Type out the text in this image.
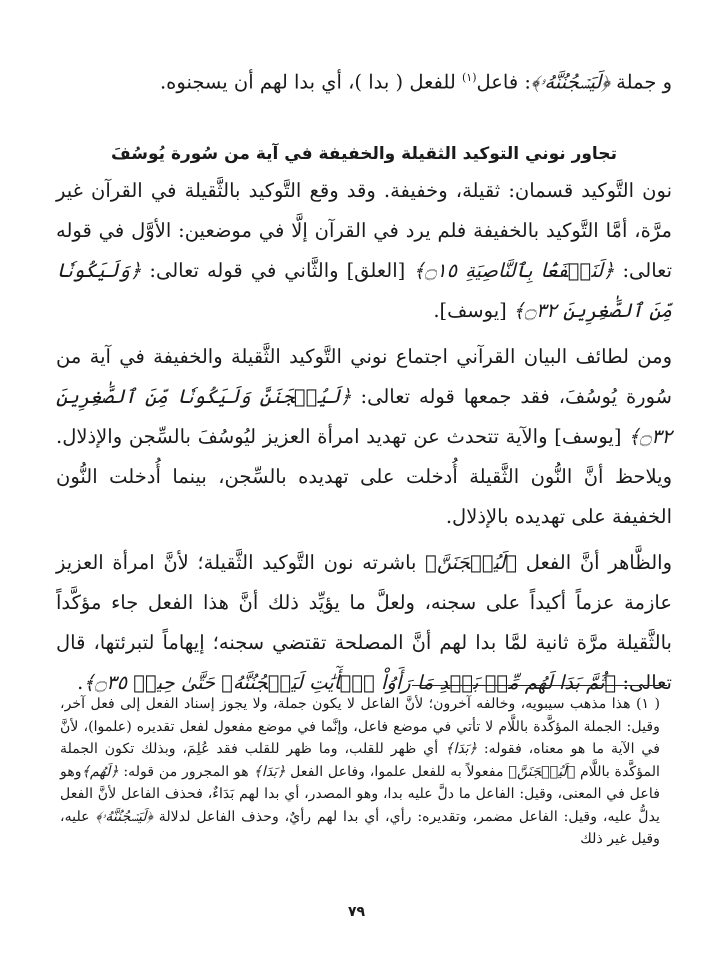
و جملة ﴿لَيَسۡجُنُنَّهُۥ﴾: فاعل$^{(١)}$ للفعل ( بدا )، أي بدا لهم أن يسجنوه.

تجاور نوني التوكيد الثقيلة والخفيفة في آية من سُورة يُوسُفَ

نون التَّوكيد قسمان: ثقيلة، وخفيفة. وقد وقع التَّوكيد بالثَّقيلة في القرآن غير مرَّة، أمَّا التَّوكيد بالخفيفة فلم يرد في القرآن إلَّا في موضعين: الأوَّل في قوله تعالى: ﴿لَنَسۡفَعَۢا بِٱلنَّاصِيَةِ ۝١٥﴾ [العلق] والثَّاني في قوله تعالى: ﴿وَلَيَكُونٗا مِّنَ ٱلصَّٰغِرِينَ ۝٣٢﴾ [يوسف].

ومن لطائف البيان القرآني اجتماع نوني التَّوكيد الثَّقيلة والخفيفة في آية من سُورة يُوسُفَ، فقد جمعها قوله تعالى: ﴿لَيُسۡجَنَنَّ وَلَيَكُونٗا مِّنَ ٱلصَّٰغِرِينَ ۝٣٢﴾ [يوسف] والآية تتحدث عن تهديد امرأة العزيز ليُوسُفَ بالسِّجن والإذلال. ويلاحظ أنَّ النُّون الثَّقيلة أُدخلت على تهديده بالسِّجن، بينما أُدخلت النُّون الخفيفة على تهديده بالإذلال.

والظَّاهر أنَّ الفعل ﴿لَيُسۡجَنَنَّ﴾ باشرته نون التَّوكيد الثَّقيلة؛ لأنَّ امرأة العزيز عازمة عزماً أكيداً على سجنه، ولعلَّ ما يؤيِّد ذلك أنَّ هذا الفعل جاء مؤكَّداً بالثَّقيلة مرَّة ثانية لمَّا بدا لهم أنَّ المصلحة تقتضي سجنه؛ إيهاماً لتبرئتها، قال تعالى: ﴿ثُمَّ بَدَا لَهُم مِّنۢ بَعۡدِ مَا رَأَوُاْ ٱلۡأٓيَٰتِ لَيَسۡجُنُنَّهُۥ حَتَّىٰ حِينٖ ۝٣٥﴾.

( ١) هذا مذهب سيبويه، وخالفه آخرون؛ لأنَّ الفاعل لا يكون جملة، ولا يجوز إسناد الفعل إلى فعل آخر، وقيل: الجملة المؤكَّدة باللَّام لا تأتي في موضع فاعل، وإنَّما في موضع مفعول لفعل تقديره (علموا)، لأنَّ في الآية ما هو معناه، فقوله: ﴿بَدَا﴾ أي ظهر للقلب، وما ظهر للقلب فقد عُلِمَ، وبذلك تكون الجملة المؤكَّدة باللَّام ﴿لَيُسۡجَنَنَّ﴾ مفعولاً به للفعل علموا، وفاعل الفعل ﴿بَدَا﴾ هو المجرور من قوله: ﴿لَهُم﴾وهو فاعل في المعنى، وقيل: الفاعل ما دلَّ عليه بدا، وهو المصدر، أي بدا لهم بَدَاءٌ، فحذف الفاعل لأنَّ الفعل يدلُّ عليه، وقيل: الفاعل مضمر، وتقديره: رأي، أي بدا لهم رأيٌ، وحذف الفاعل لدلالة ﴿لَيَسۡجُنُنَّهُۥ﴾ عليه، وقيل غير ذلك

٧٩
